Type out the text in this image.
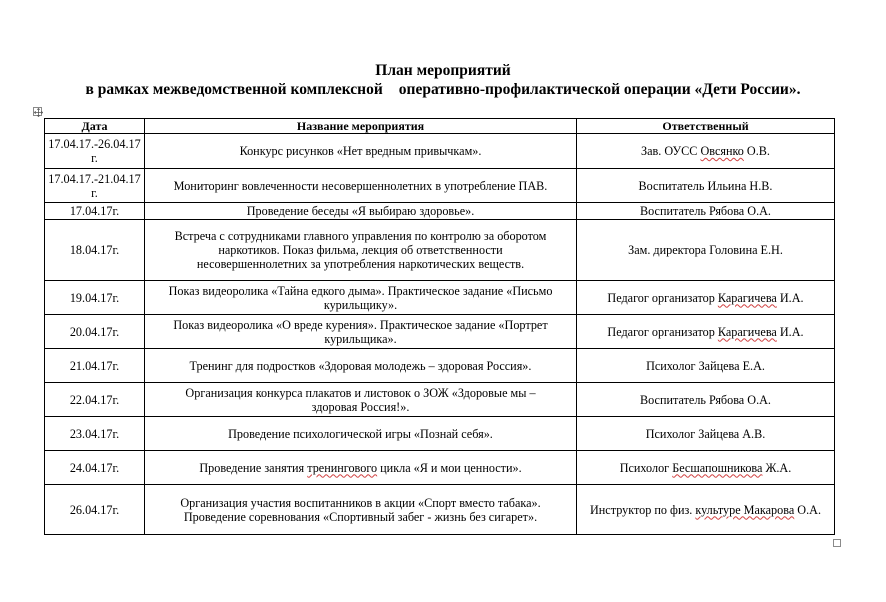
План мероприятий
в рамках межведомственной комплексной оперативно-профилактической операции «Дети России».
Дата	Название мероприятия	Ответственный
17.04.17.-26.04.17г.	Конкурс рисунков «Нет вредным привычкам».	Зав. ОУСС Овсянко О.В.
17.04.17.-21.04.17г.	Мониторинг вовлеченности несовершеннолетних в употребление ПАВ.	Воспитатель Ильина Н.В.
17.04.17г.	Проведение беседы «Я выбираю здоровье».	Воспитатель Рябова О.А.
18.04.17г.	Встреча с сотрудниками главного управления по контролю за оборотом наркотиков. Показ фильма, лекция об ответственности несовершеннолетних за употребления наркотических веществ.	Зам. директора Головина Е.Н.
19.04.17г.	Показ видеоролика «Тайна едкого дыма». Практическое задание «Письмо курильщику».	Педагог организатор Карагичева И.А.
20.04.17г.	Показ видеоролика «О вреде курения». Практическое задание «Портрет курильщика».	Педагог организатор Карагичева И.А.
21.04.17г.	Тренинг для подростков «Здоровая молодежь – здоровая Россия».	Психолог Зайцева Е.А.
22.04.17г.	Организация конкурса плакатов и листовок о ЗОЖ «Здоровые мы – здоровая Россия!».	Воспитатель Рябова О.А.
23.04.17г.	Проведение психологической игры «Познай себя».	Психолог Зайцева А.В.
24.04.17г.	Проведение занятия тренингового цикла «Я и мои ценности».	Психолог Бесшапошникова Ж.А.
26.04.17г.	Организация участия воспитанников в акции «Спорт вместо табака». Проведение соревнования «Спортивный забег - жизнь без сигарет».	Инструктор по физ. культуре Макарова О.А.
